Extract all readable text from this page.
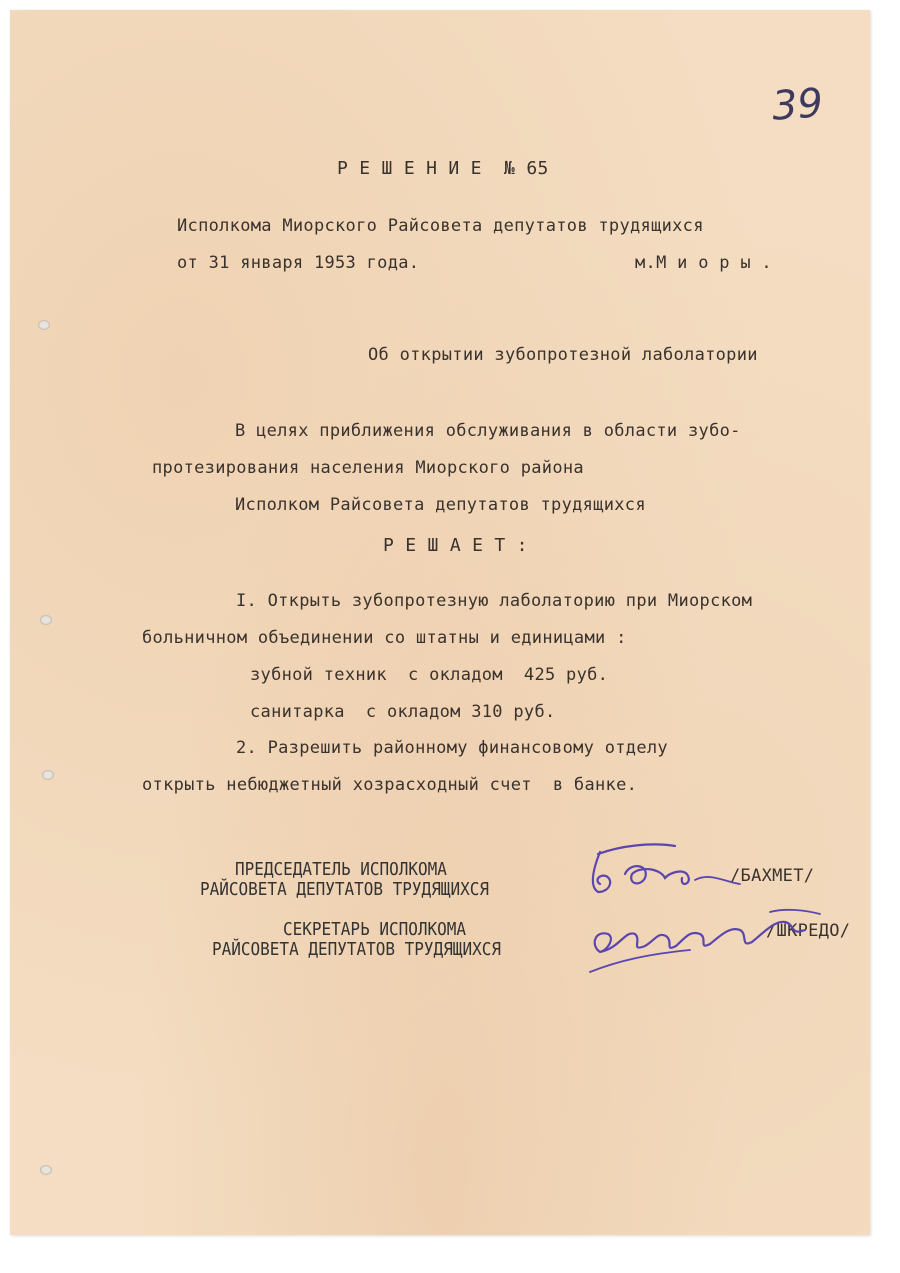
39
Р Е Ш Е Н И Е  № 65
Исполкома Миорского Райсовета депутатов трудящихся
от 31 января 1953 года.	м.М и о р ы .
Об открытии зубопротезной лаболатории
В целях приближения обслуживания в области зубо-
протезирования населения Миорского района
Исполком Райсовета депутатов трудящихся
Р Е Ш А Е Т :
I. Открыть зубопротезную лаболаторию при Миорском
больничном объединении со штатны и единицами :
зубной техник  с окладом  425 руб.
санитарка  с окладом 310 руб.
2. Разрешить районному финансовому отделу
открыть небюджетный хозрасходный счет  в банке.
ПРЕДСЕДАТЕЛЬ ИСПОЛКОМА
РАЙСОВЕТА ДЕПУТАТОВ ТРУДЯЩИХСЯ
/БАХМЕТ/
СЕКРЕТАРЬ ИСПОЛКОМА
РАЙСОВЕТА ДЕПУТАТОВ ТРУДЯЩИХСЯ
/ШКРЕДО/
